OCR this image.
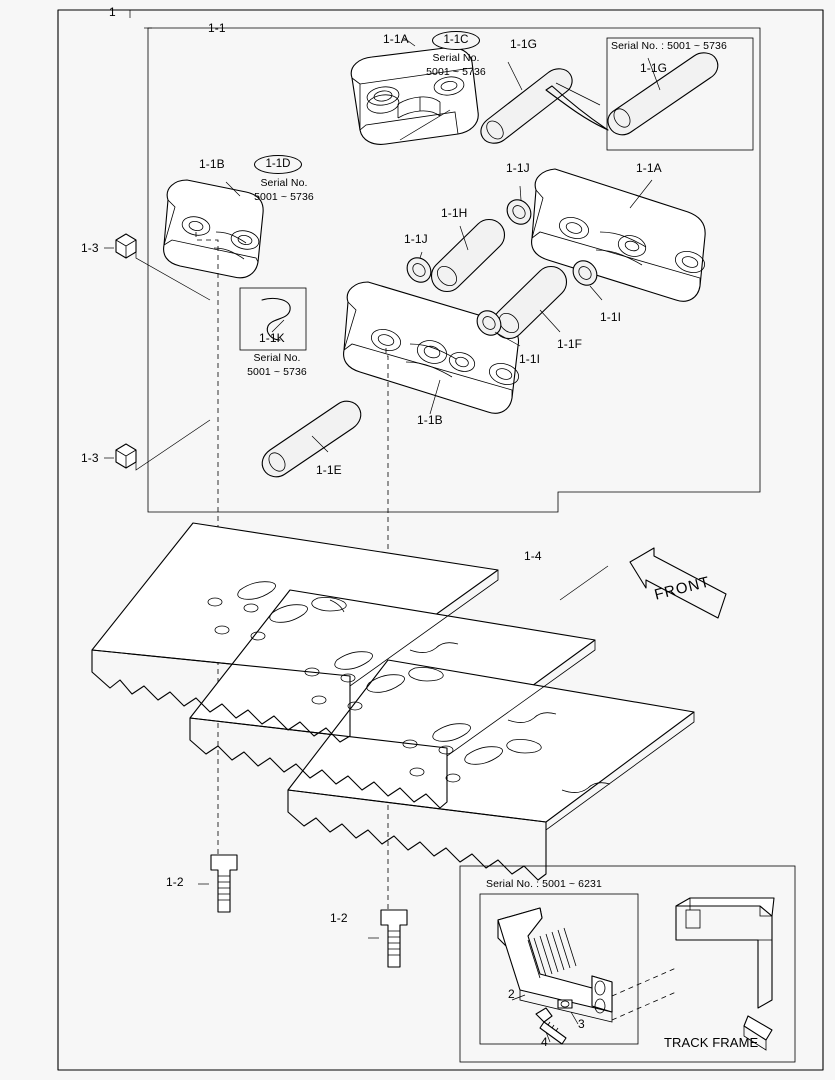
1
1-1
1-1A	1-1C
Serial No.
5001 ~ 5736
1-1G	Serial No. : 5001 ~ 5736
1-1G
1-1A
1-1B	1-1D
Serial No.
5001 ~ 5736
1-1J
1-1H
1-1J
1-1I
1-1F
1-1I
1-1K
Serial No.
5001 ~ 5736
1-1B
1-1E
1-3
1-3
1-4
1-2
1-2
Serial No. : 5001 ~ 6231
2
3
4	TRACK FRAME
FRONT
